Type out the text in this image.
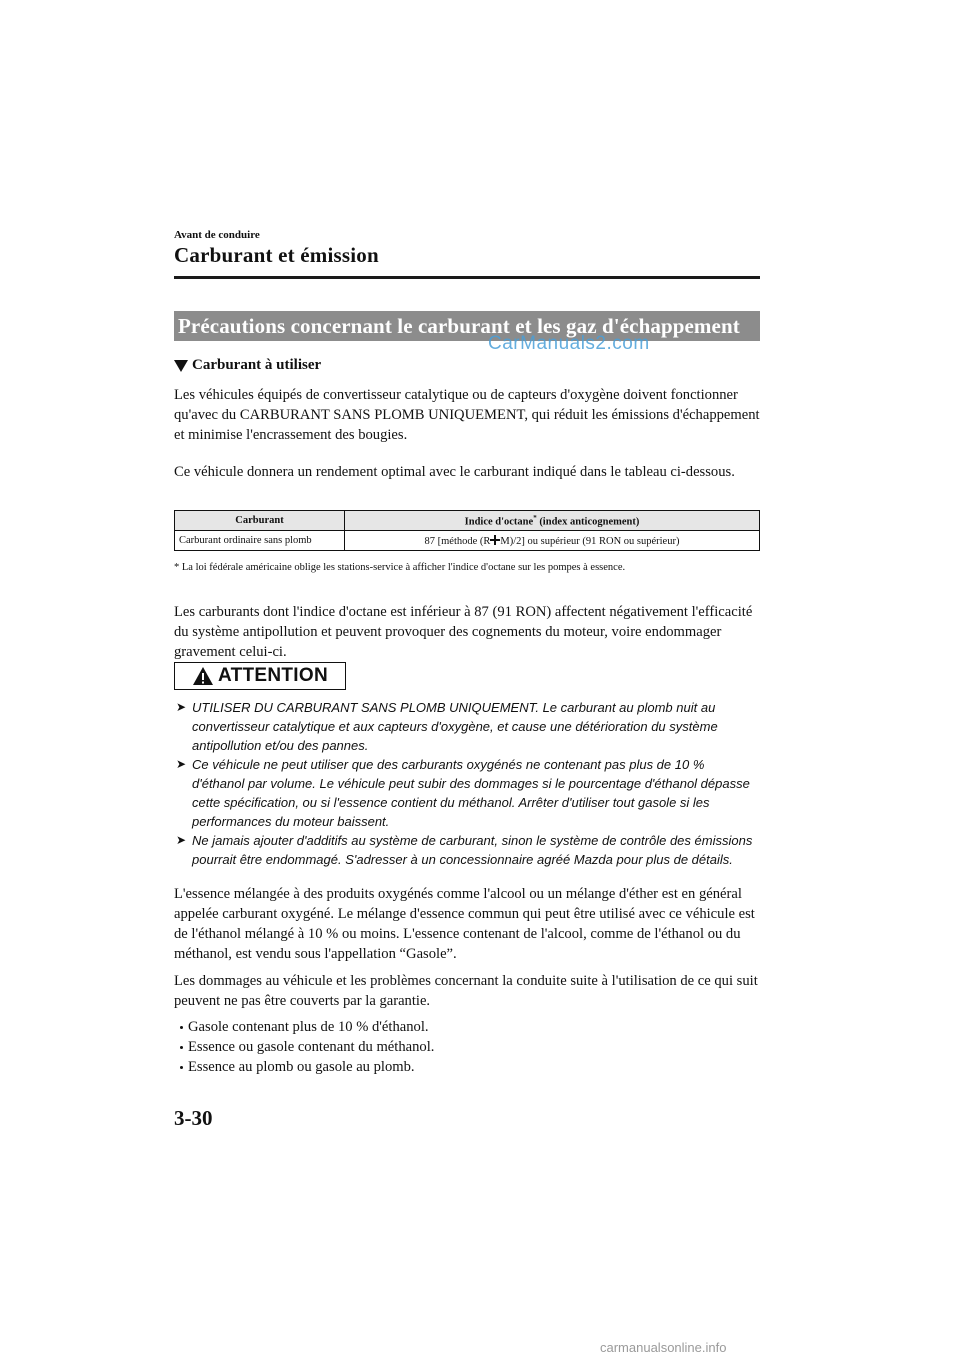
Avant de conduire
Carburant et émission
Précautions concernant le carburant et les gaz d'échappement
CarManuals2.com
Carburant à utiliser
Les véhicules équipés de convertisseur catalytique ou de capteurs d'oxygène doivent fonctionner qu'avec du CARBURANT SANS PLOMB UNIQUEMENT, qui réduit les émissions d'échappement et minimise l'encrassement des bougies.
Ce véhicule donnera un rendement optimal avec le carburant indiqué dans le tableau ci-dessous.
Carburant	Indice d'octane* (index anticognement)
Carburant ordinaire sans plomb	87 [méthode (R M)/2] ou supérieur (91 RON ou supérieur)
* La loi fédérale américaine oblige les stations-service à afficher l'indice d'octane sur les pompes à essence.
Les carburants dont l'indice d'octane est inférieur à 87 (91 RON) affectent négativement l'efficacité du système antipollution et peuvent provoquer des cognements du moteur, voire endommager gravement celui-ci.
ATTENTION
➤ UTILISER DU CARBURANT SANS PLOMB UNIQUEMENT. Le carburant au plomb nuit au convertisseur catalytique et aux capteurs d'oxygène, et cause une détérioration du système antipollution et/ou des pannes.
➤ Ce véhicule ne peut utiliser que des carburants oxygénés ne contenant pas plus de 10 % d'éthanol par volume. Le véhicule peut subir des dommages si le pourcentage d'éthanol dépasse cette spécification, ou si l'essence contient du méthanol. Arrêter d'utiliser tout gasole si les performances du moteur baissent.
➤ Ne jamais ajouter d'additifs au système de carburant, sinon le système de contrôle des émissions pourrait être endommagé. S'adresser à un concessionnaire agréé Mazda pour plus de détails.
L'essence mélangée à des produits oxygénés comme l'alcool ou un mélange d'éther est en général appelée carburant oxygéné. Le mélange d'essence commun qui peut être utilisé avec ce véhicule est de l'éthanol mélangé à 10 % ou moins. L'essence contenant de l'alcool, comme de l'éthanol ou du méthanol, est vendu sous l'appellation “Gasole”.
Les dommages au véhicule et les problèmes concernant la conduite suite à l'utilisation de ce qui suit peuvent ne pas être couverts par la garantie.
Gasole contenant plus de 10 % d'éthanol.
Essence ou gasole contenant du méthanol.
Essence au plomb ou gasole au plomb.
3-30
carmanualsonline.info
